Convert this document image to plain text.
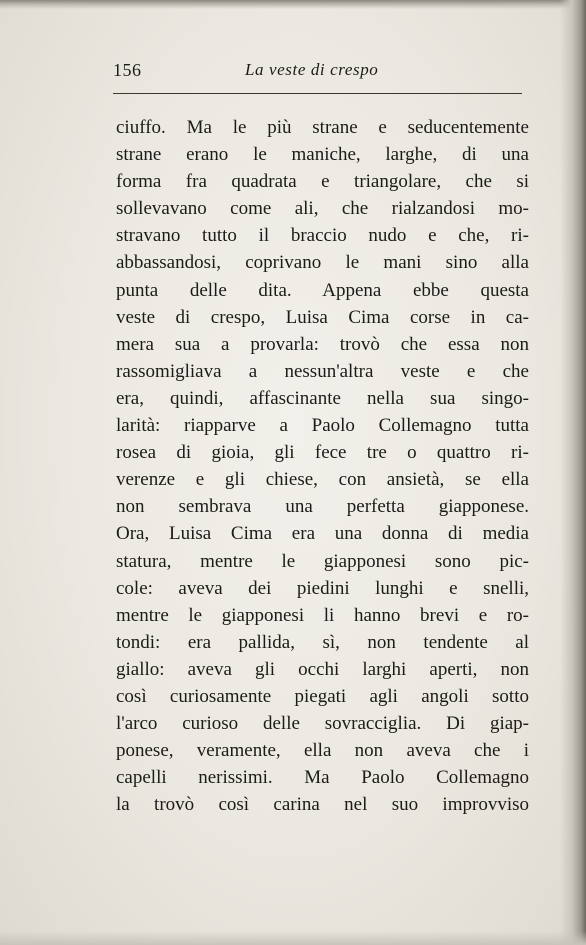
156	La veste di crespo
ciuffo. Ma le più strane e seducentemente
strane erano le maniche, larghe, di una
forma fra quadrata e triangolare, che si
sollevavano come ali, che rialzandosi mo-
stravano tutto il braccio nudo e che, ri-
abbassandosi, coprivano le mani sino alla
punta delle dita. Appena ebbe questa
veste di crespo, Luisa Cima corse in ca-
mera sua a provarla: trovò che essa non
rassomigliava a nessun'altra veste e che
era, quindi, affascinante nella sua singo-
larità: riapparve a Paolo Collemagno tutta
rosea di gioia, gli fece tre o quattro ri-
verenze e gli chiese, con ansietà, se ella
non sembrava una perfetta giapponese.
Ora, Luisa Cima era una donna di media
statura, mentre le giapponesi sono pic-
cole: aveva dei piedini lunghi e snelli,
mentre le giapponesi li hanno brevi e ro-
tondi: era pallida, sì, non tendente al
giallo: aveva gli occhi larghi aperti, non
così curiosamente piegati agli angoli sotto
l'arco curioso delle sovracciglia. Di giap-
ponese, veramente, ella non aveva che i
capelli nerissimi. Ma Paolo Collemagno
la trovò così carina nel suo improvviso
